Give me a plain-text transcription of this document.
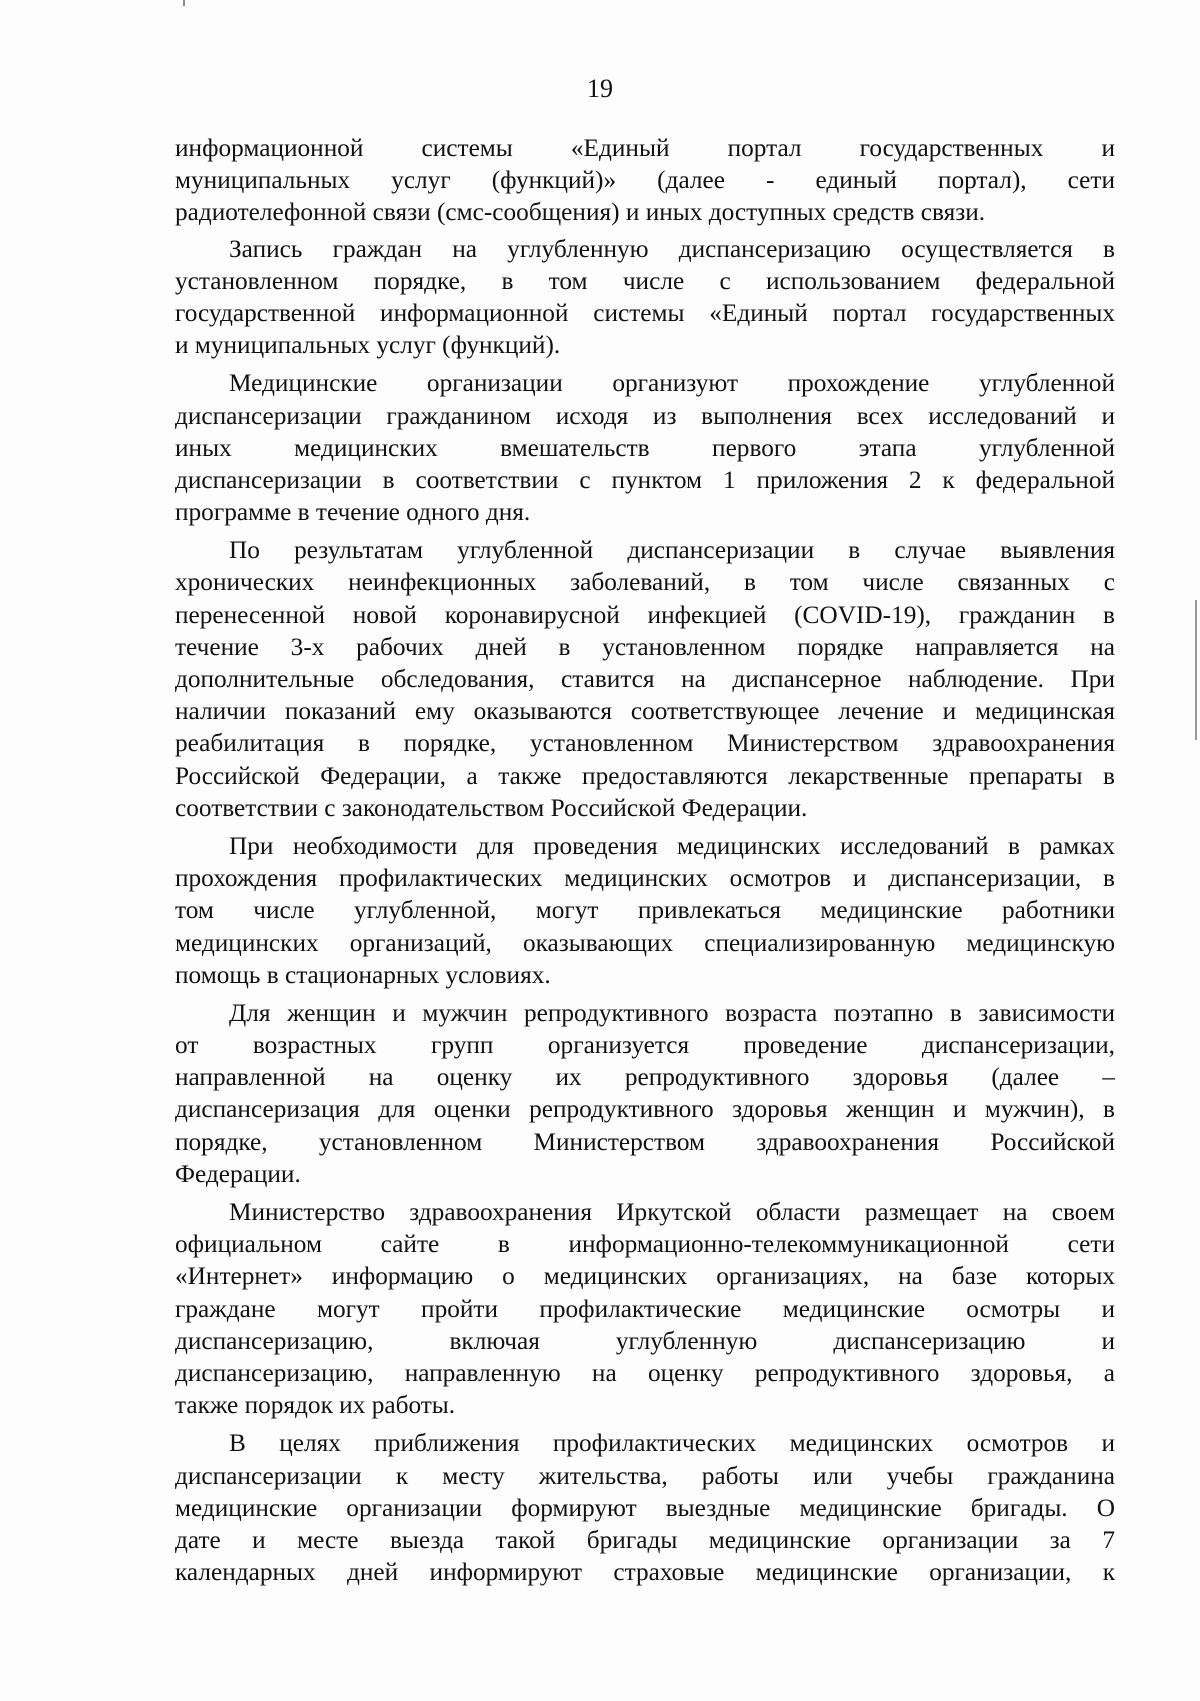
19
информационной системы «Единый портал государственных и
муниципальных услуг (функций)» (далее - единый портал), сети
радиотелефонной связи (смс-сообщения) и иных доступных средств связи.
Запись граждан на углубленную диспансеризацию осуществляется в
установленном порядке, в том числе с использованием федеральной
государственной информационной системы «Единый портал государственных
и муниципальных услуг (функций).
Медицинские организации организуют прохождение углубленной
диспансеризации гражданином исходя из выполнения всех исследований и
иных медицинских вмешательств первого этапа углубленной
диспансеризации в соответствии с пунктом 1 приложения 2 к федеральной
программе в течение одного дня.
По результатам углубленной диспансеризации в случае выявления
хронических неинфекционных заболеваний, в том числе связанных с
перенесенной новой коронавирусной инфекцией (COVID-19), гражданин в
течение 3-х рабочих дней в установленном порядке направляется на
дополнительные обследования, ставится на диспансерное наблюдение. При
наличии показаний ему оказываются соответствующее лечение и медицинская
реабилитация в порядке, установленном Министерством здравоохранения
Российской Федерации, а также предоставляются лекарственные препараты в
соответствии с законодательством Российской Федерации.
При необходимости для проведения медицинских исследований в рамках
прохождения профилактических медицинских осмотров и диспансеризации, в
том числе углубленной, могут привлекаться медицинские работники
медицинских организаций, оказывающих специализированную медицинскую
помощь в стационарных условиях.
Для женщин и мужчин репродуктивного возраста поэтапно в зависимости
от возрастных групп организуется проведение диспансеризации,
направленной на оценку их репродуктивного здоровья (далее –
диспансеризация для оценки репродуктивного здоровья женщин и мужчин), в
порядке, установленном Министерством здравоохранения Российской
Федерации.
Министерство здравоохранения Иркутской области размещает на своем
официальном сайте в информационно-телекоммуникационной сети
«Интернет» информацию о медицинских организациях, на базе которых
граждане могут пройти профилактические медицинские осмотры и
диспансеризацию, включая углубленную диспансеризацию и
диспансеризацию, направленную на оценку репродуктивного здоровья, а
также порядок их работы.
В целях приближения профилактических медицинских осмотров и
диспансеризации к месту жительства, работы или учебы гражданина
медицинские организации формируют выездные медицинские бригады. О
дате и месте выезда такой бригады медицинские организации за 7
календарных дней информируют страховые медицинские организации, к
